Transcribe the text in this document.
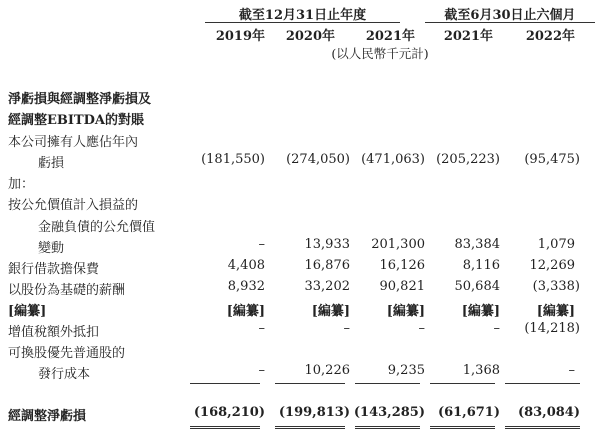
截至12月31日止年度	截至6月30日止六個月
2019年	2020年	2021年	2021年	2022年
(以人民幣千元計)
淨虧損與經調整淨虧損及
經調整EBITDA的對賬
本公司擁有人應佔年內
虧損	(181,550)	(274,050) (471,063) (205,223)	(95,475)
加：
按公允價值計入損益的
金融負債的公允價值
變動	–	13,933	201,300	83,384	1,079
銀行借款擔保費	4,408	16,876	16,126	8,116	12,269
以股份為基礎的薪酬	8,932	33,202	90,821	50,684	(3,338)
[編纂]	[編纂]	[編纂]	[編纂]	[編纂]	[編纂]
增值稅額外抵扣	–	–	–	–	(14,218)
可換股優先普通股的
發行成本	–	10,226	9,235	1,368	–
經調整淨虧損	(168,210)	(199,813) (143,285) (61,671)	(83,084)
